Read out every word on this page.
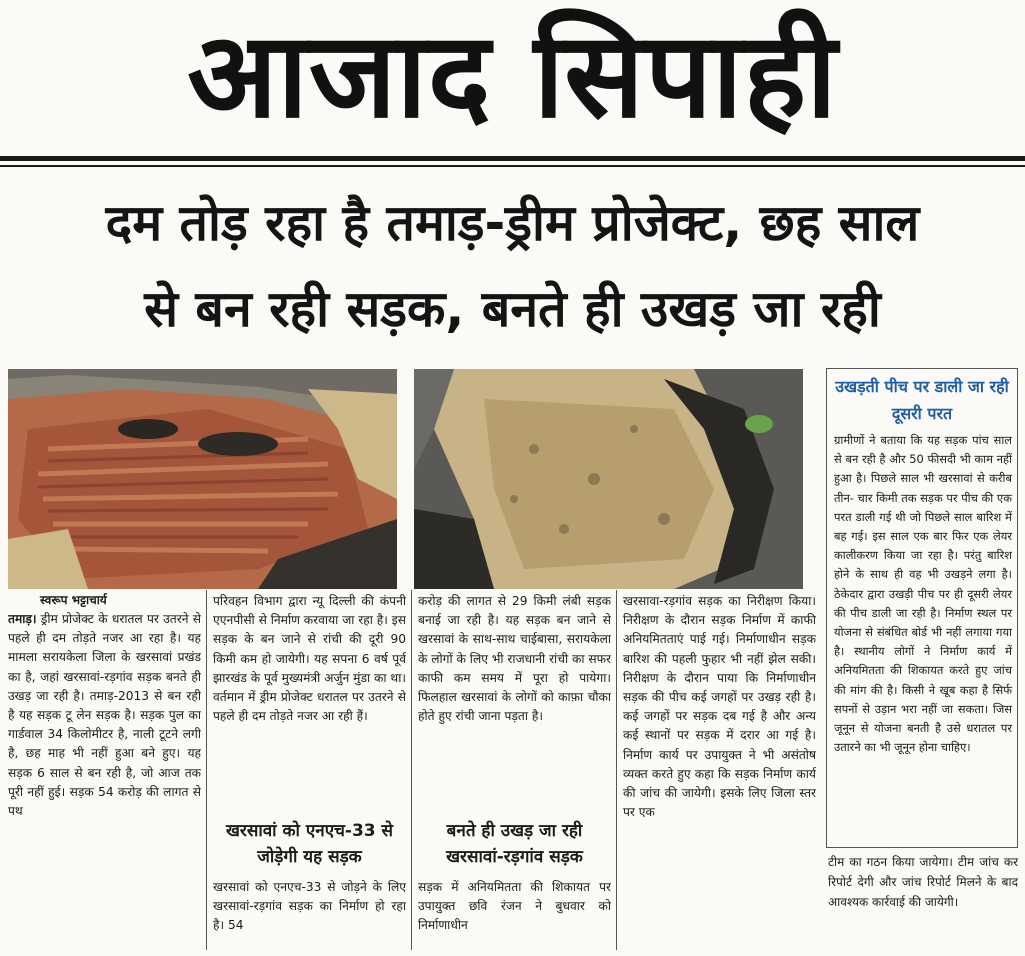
आजाद सिपाही
दम तोड़ रहा है तमाड़-ड्रीम प्रोजेक्ट, छह साल
से बन रही सड़क, बनते ही उखड़ जा रही
स्वरूप भट्टाचार्य

तमाड़। ड्रीम प्रोजेक्ट के धरातल पर उतरने से पहले ही दम तोड़ते नजर आ रहा है। यह मामला सरायकेला जिला के खरसावां प्रखंड का है, जहां खरसावां-रड़गांव सड़क बनते ही उखड़ जा रही है। तमाड़-2013 से बन रही है यह सड़क टू लेन सड़क है। सड़क पुल का गार्डवाल 34 किलोमीटर है, नाली टूटने लगी है, छह माह भी नहीं हुआ बने हुए। यह सड़क 6 साल से बन रही है, जो आज तक पूरी नहीं हुई। सड़क 54 करोड़ की लागत से पथ

परिवहन विभाग द्वारा न्यू दिल्ली की कंपनी एएनपीसी से निर्माण करवाया जा रहा है। इस सड़क के बन जाने से रांची की दूरी 90 किमी कम हो जायेगी। यह सपना 6 वर्ष पूर्व झारखंड के पूर्व मुख्यमंत्री अर्जुन मुंडा का था। वर्तमान में ड्रीम प्रोजेक्ट धरातल पर उतरने से पहले ही दम तोड़ते नजर आ रही हैं।

खरसावां को एनएच-33 से जोड़ेगी यह सड़क

खरसावां को एनएच-33 से जोड़ने के लिए खरसावां-रड़गांव सड़क का निर्माण हो रहा है। 54

करोड़ की लागत से 29 किमी लंबी सड़क बनाई जा रही है। यह सड़क बन जाने से खरसावां के साथ-साथ चाईबासा, सरायकेला के लोगों के लिए भी राजधानी रांची का सफर काफी कम समय में पूरा हो पायेगा। फिलहाल खरसावां के लोगों को काफ़ा चौका होते हुए रांची जाना पड़ता है।

बनते ही उखड़ जा रही खरसावां-रड़गांव सड़क

सड़क में अनियमितता की शिकायत पर उपायुक्त छवि रंजन ने बुधवार को निर्माणाधीन

खरसावा-रड़गांव सड़क का निरीक्षण किया। निरीक्षण के दौरान सड़क निर्माण में काफी अनियमितताएं पाई गई। निर्माणाधीन सड़क बारिश की पहली फुहार भी नहीं झेल सकी। निरीक्षण के दौरान पाया कि निर्माणाधीन सड़क की पीच कई जगहों पर उखड़ रही है। कई जगहों पर सड़क दब गई है और अन्य कई स्थानों पर सड़क में दरार आ गई है। निर्माण कार्य पर उपायुक्त ने भी असंतोष व्यक्त करते हुए कहा कि सड़क निर्माण कार्य की जांच की जायेगी। इसके लिए जिला स्तर पर एक

उखड़ती पीच पर डाली जा रही दूसरी परत
ग्रामीणों ने बताया कि यह सड़क पांच साल से बन रही है और 50 फीसदी भी काम नहीं हुआ है। पिछले साल भी खरसावां से करीब तीन- चार किमी तक सड़क पर पीच की एक परत डाली गई थी जो पिछले साल बारिश में बह गई। इस साल एक बार फिर एक लेयर कालीकरण किया जा रहा है। परंतु बारिश होने के साथ ही वह भी उखड़ने लगा है। ठेकेदार द्वारा उखड़ी पीच पर ही दूसरी लेयर की पीच डाली जा रही है। निर्माण स्थल पर योजना से संबंधित बोर्ड भी नहीं लगाया गया है। स्थानीय लोगों ने निर्माण कार्य में अनियमितता की शिकायत करते हुए जांच की मांग की है। किसी ने खूब कहा है सिर्फ सपनों से उड़ान भरा नहीं जा सकता। जिस जूनून से योजना बनती है उसे धरातल पर उतारने का भी जूनून होना चाहिए।
टीम का गठन किया जायेगा। टीम जांच कर रिपोर्ट देगी और जांच रिपोर्ट मिलने के बाद आवश्यक कार्रवाई की जायेगी।
